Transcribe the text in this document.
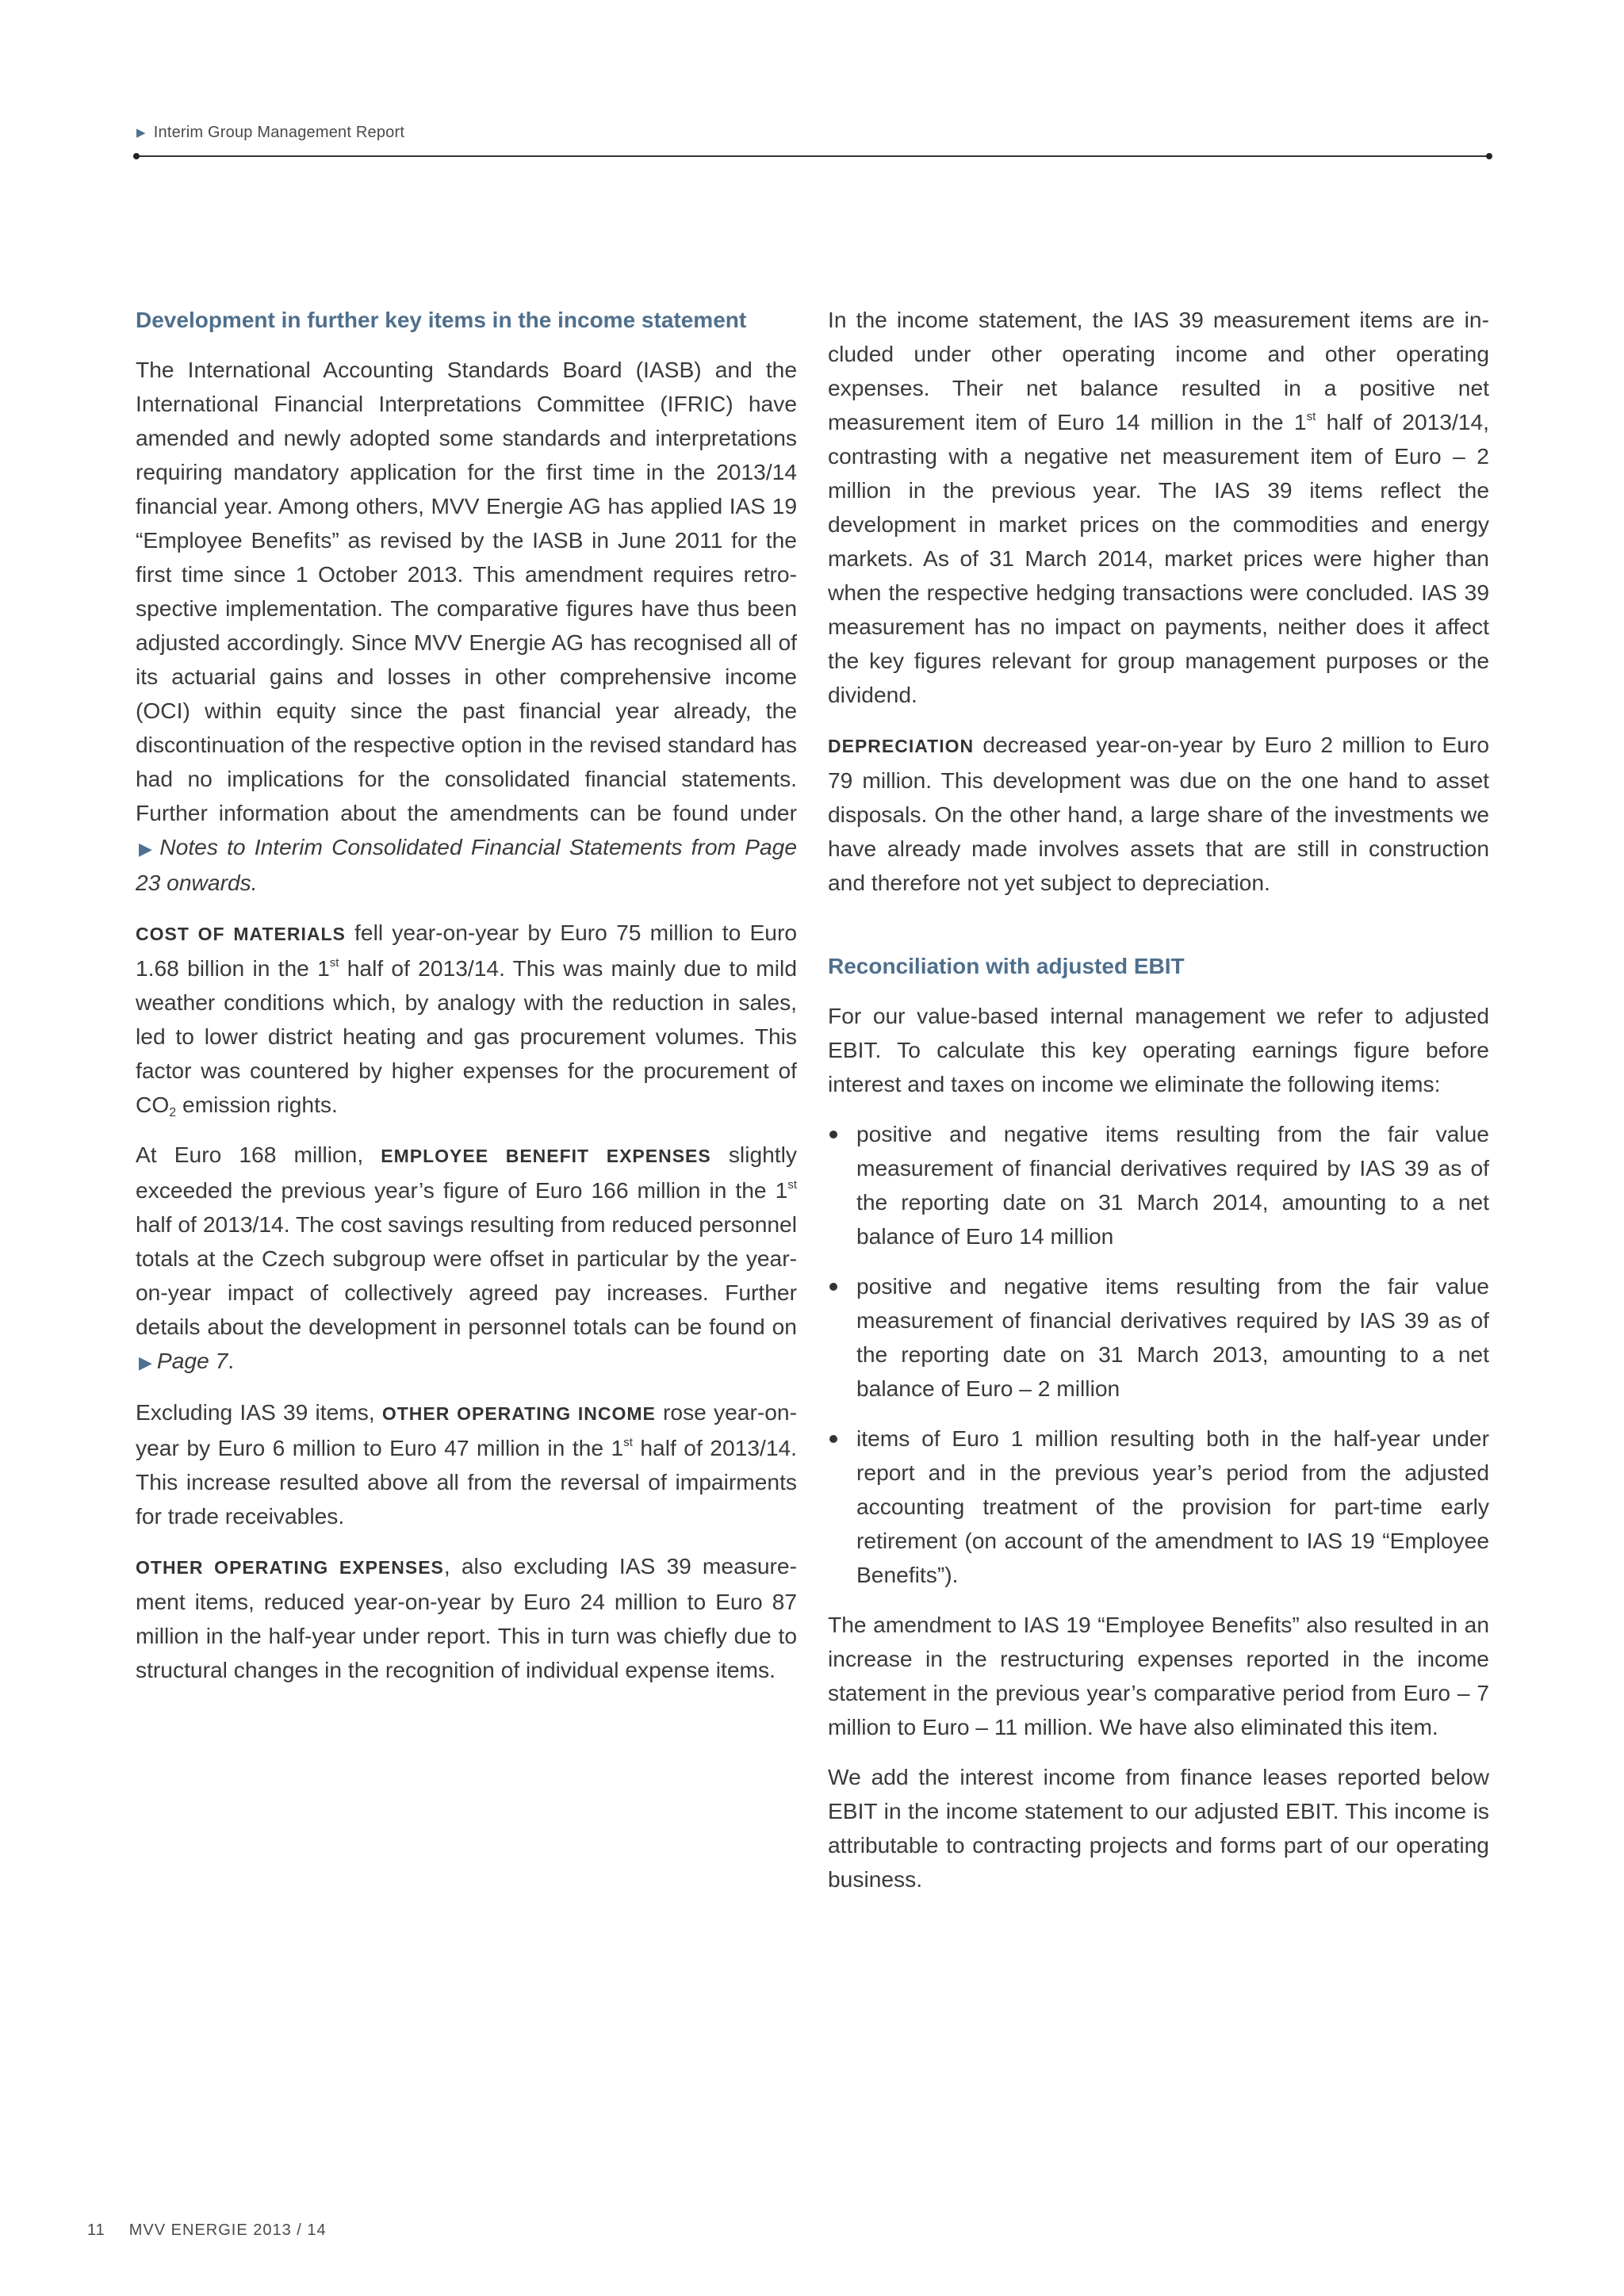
▶ Interim Group Management Report
Development in further key items in the income statement

The International Accounting Standards Board (IASB) and the International Financial Interpretations Committee (IFRIC) have amended and newly adopted some standards and interpretations requiring mandatory application for the first time in the 2013/14 financial year. Among others, MVV Energie AG has applied IAS 19 “Employee Benefits” as revised by the IASB in June 2011 for the first time since 1 October 2013. This amendment requires retrospective implementation. The comparative figures have thus been adjusted accordingly. Since MVV Energie AG has recognised all of its actuarial gains and losses in other comprehensive income (OCI) within equity since the past financial year already, the discontinuation of the respective option in the revised standard has had no implications for the consolidated financial statements. Further information about the amendments can be found under ▶ Notes to Interim Consolidated Financial Statements from Page 23 onwards.

COST OF MATERIALS fell year-on-year by Euro 75 million to Euro 1.68 billion in the 1st half of 2013/14. This was mainly due to mild weather conditions which, by analogy with the reduction in sales, led to lower district heating and gas procurement volumes. This factor was countered by higher expenses for the procurement of $CO_2$ emission rights.

At Euro 168 million, EMPLOYEE BENEFIT EXPENSES slightly exceeded the previous year’s figure of Euro 166 million in the 1st half of 2013/14. The cost savings resulting from reduced personnel totals at the Czech subgroup were offset in particular by the year-on-year impact of collectively agreed pay increases. Further details about the development in personnel totals can be found on ▶ Page 7.

Excluding IAS 39 items, OTHER OPERATING INCOME rose year-on-year by Euro 6 million to Euro 47 million in the 1st half of 2013/14. This increase resulted above all from the reversal of impairments for trade receivables.

OTHER OPERATING EXPENSES, also excluding IAS 39 measurement items, reduced year-on-year by Euro 24 million to Euro 87 million in the half-year under report. This in turn was chiefly due to structural changes in the recognition of individual expense items.

In the income statement, the IAS 39 measurement items are included under other operating income and other operating expenses. Their net balance resulted in a positive net measurement item of Euro 14 million in the 1st half of 2013/14, contrasting with a negative net measurement item of Euro – 2 million in the previous year. The IAS 39 items reflect the development in market prices on the commodities and energy markets. As of 31 March 2014, market prices were higher than when the respective hedging transactions were concluded. IAS 39 measurement has no impact on payments, neither does it affect the key figures relevant for group management purposes or the dividend.

DEPRECIATION decreased year-on-year by Euro 2 million to Euro 79 million. This development was due on the one hand to asset disposals. On the other hand, a large share of the investments we have already made involves assets that are still in construction and therefore not yet subject to depreciation.

Reconciliation with adjusted EBIT

For our value-based internal management we refer to adjusted EBIT. To calculate this key operating earnings figure before interest and taxes on income we eliminate the following items:

positive and negative items resulting from the fair value measurement of financial derivatives required by IAS 39 as of the reporting date on 31 March 2014, amounting to a net balance of Euro 14 million
positive and negative items resulting from the fair value measurement of financial derivatives required by IAS 39 as of the reporting date on 31 March 2013, amounting to a net balance of Euro – 2 million
items of Euro 1 million resulting both in the half-year under report and in the previous year’s period from the adjusted accounting treatment of the provision for part-time early retirement (on account of the amendment to IAS 19 “Employee Benefits”).

The amendment to IAS 19 “Employee Benefits” also resulted in an increase in the restructuring expenses reported in the income statement in the previous year’s comparative period from Euro – 7 million to Euro – 11 million. We have also eliminated this item.

We add the interest income from finance leases reported below EBIT in the income statement to our adjusted EBIT. This income is attributable to contracting projects and forms part of our operating business.

11 MVV ENERGIE 2013 / 14
